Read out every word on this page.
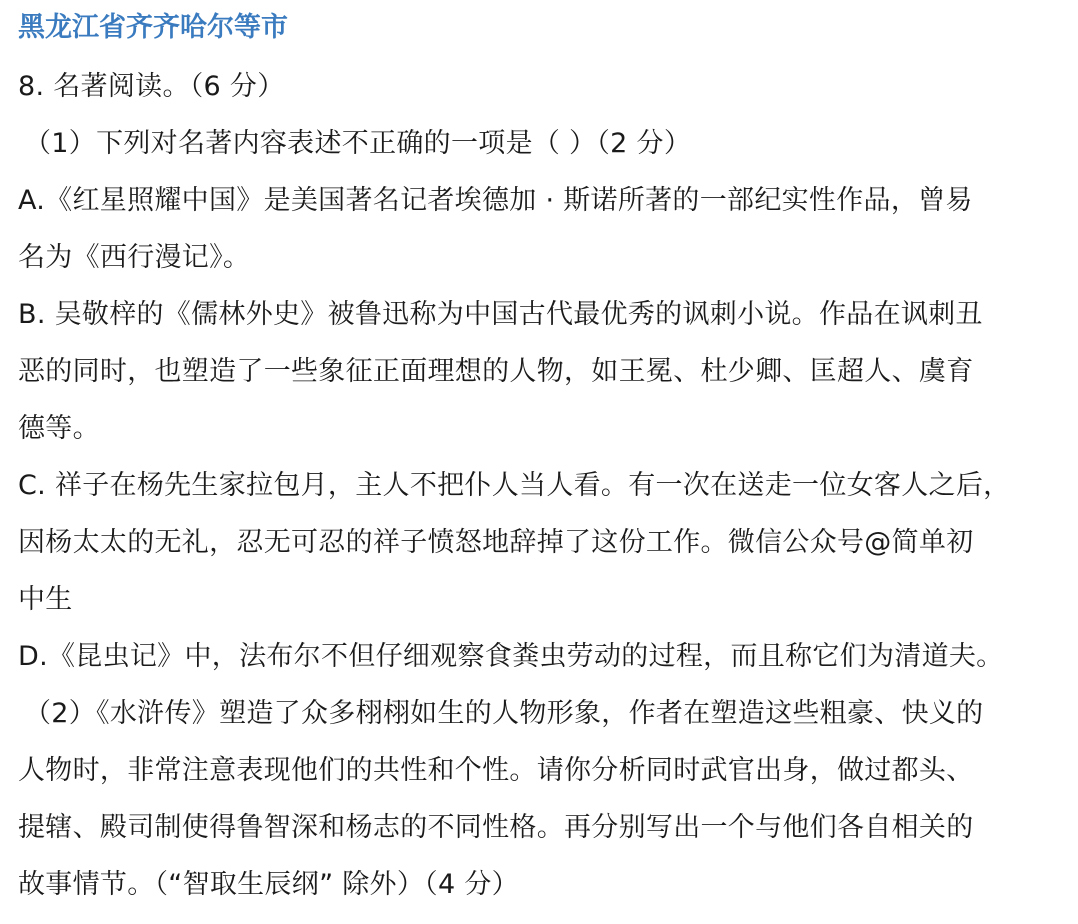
黑龙江省齐齐哈尔等市
8. 名著阅读。（6 分）
（1）下列对名著内容表述不正确的一项是（ ）（2 分）
A.《红星照耀中国》是美国著名记者埃德加 · 斯诺所著的一部纪实性作品，曾易
名为《西行漫记》。
B. 吴敬梓的《儒林外史》被鲁迅称为中国古代最优秀的讽刺小说。作品在讽刺丑
恶的同时，也塑造了一些象征正面理想的人物，如王冕、杜少卿、匡超人、虞育
德等。
C. 祥子在杨先生家拉包月，主人不把仆人当人看。有一次在送走一位女客人之后，
因杨太太的无礼，忍无可忍的祥子愤怒地辞掉了这份工作。微信公众号@简单初
中生
D.《昆虫记》中，法布尔不但仔细观察食粪虫劳动的过程，而且称它们为清道夫。
（2）《水浒传》塑造了众多栩栩如生的人物形象，作者在塑造这些粗豪、快义的
人物时，非常注意表现他们的共性和个性。请你分析同时武官出身，做过都头、
提辖、殿司制使得鲁智深和杨志的不同性格。再分别写出一个与他们各自相关的
故事情节。（“智取生辰纲” 除外）（4 分）
